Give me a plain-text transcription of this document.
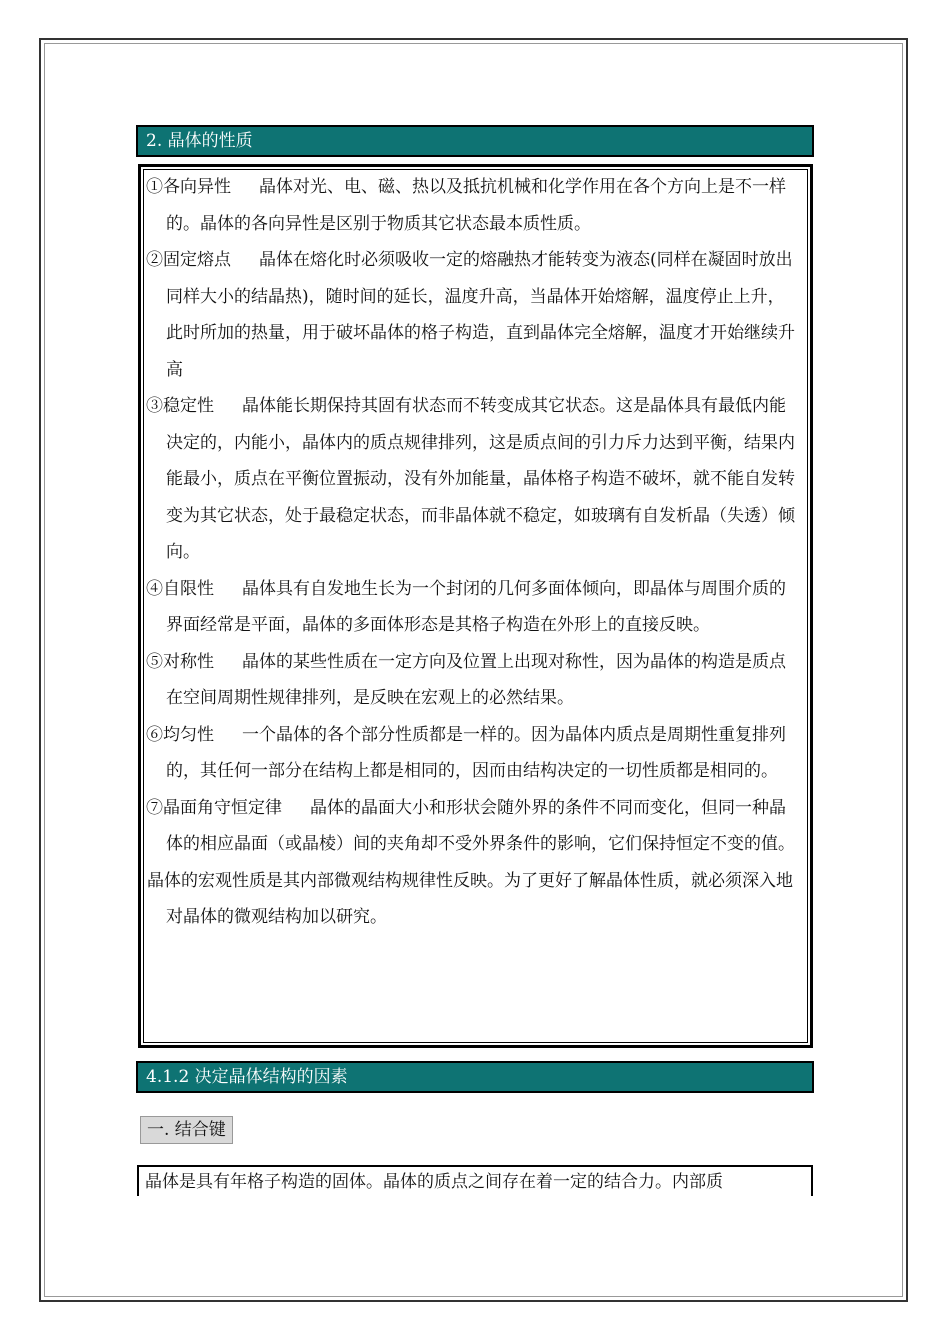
2. 晶体的性质

①各向异性 晶体对光、电、磁、热以及抵抗机械和化学作用在各个方向上是不一样的。晶体的各向异性是区别于物质其它状态最本质性质。

②固定熔点 晶体在熔化时必须吸收一定的熔融热才能转变为液态(同样在凝固时放出同样大小的结晶热)，随时间的延长，温度升高，当晶体开始熔解，温度停止上升，此时所加的热量，用于破坏晶体的格子构造，直到晶体完全熔解，温度才开始继续升高

③稳定性 晶体能长期保持其固有状态而不转变成其它状态。这是晶体具有最低内能决定的，内能小，晶体内的质点规律排列，这是质点间的引力斥力达到平衡，结果内能最小，质点在平衡位置振动，没有外加能量，晶体格子构造不破坏，就不能自发转变为其它状态，处于最稳定状态，而非晶体就不稳定，如玻璃有自发析晶（失透）倾向。

④自限性 晶体具有自发地生长为一个封闭的几何多面体倾向，即晶体与周围介质的界面经常是平面，晶体的多面体形态是其格子构造在外形上的直接反映。

⑤对称性 晶体的某些性质在一定方向及位置上出现对称性，因为晶体的构造是质点在空间周期性规律排列，是反映在宏观上的必然结果。

⑥均匀性 一个晶体的各个部分性质都是一样的。因为晶体内质点是周期性重复排列的，其任何一部分在结构上都是相同的，因而由结构决定的一切性质都是相同的。

⑦晶面角守恒定律 晶体的晶面大小和形状会随外界的条件不同而变化，但同一种晶体的相应晶面（或晶棱）间的夹角却不受外界条件的影响，它们保持恒定不变的值。

晶体的宏观性质是其内部微观结构规律性反映。为了更好了解晶体性质，就必须深入地对晶体的微观结构加以研究。

4.1.2 决定晶体结构的因素
一. 结合键
晶体是具有年格子构造的固体。晶体的质点之间存在着一定的结合力。内部质
